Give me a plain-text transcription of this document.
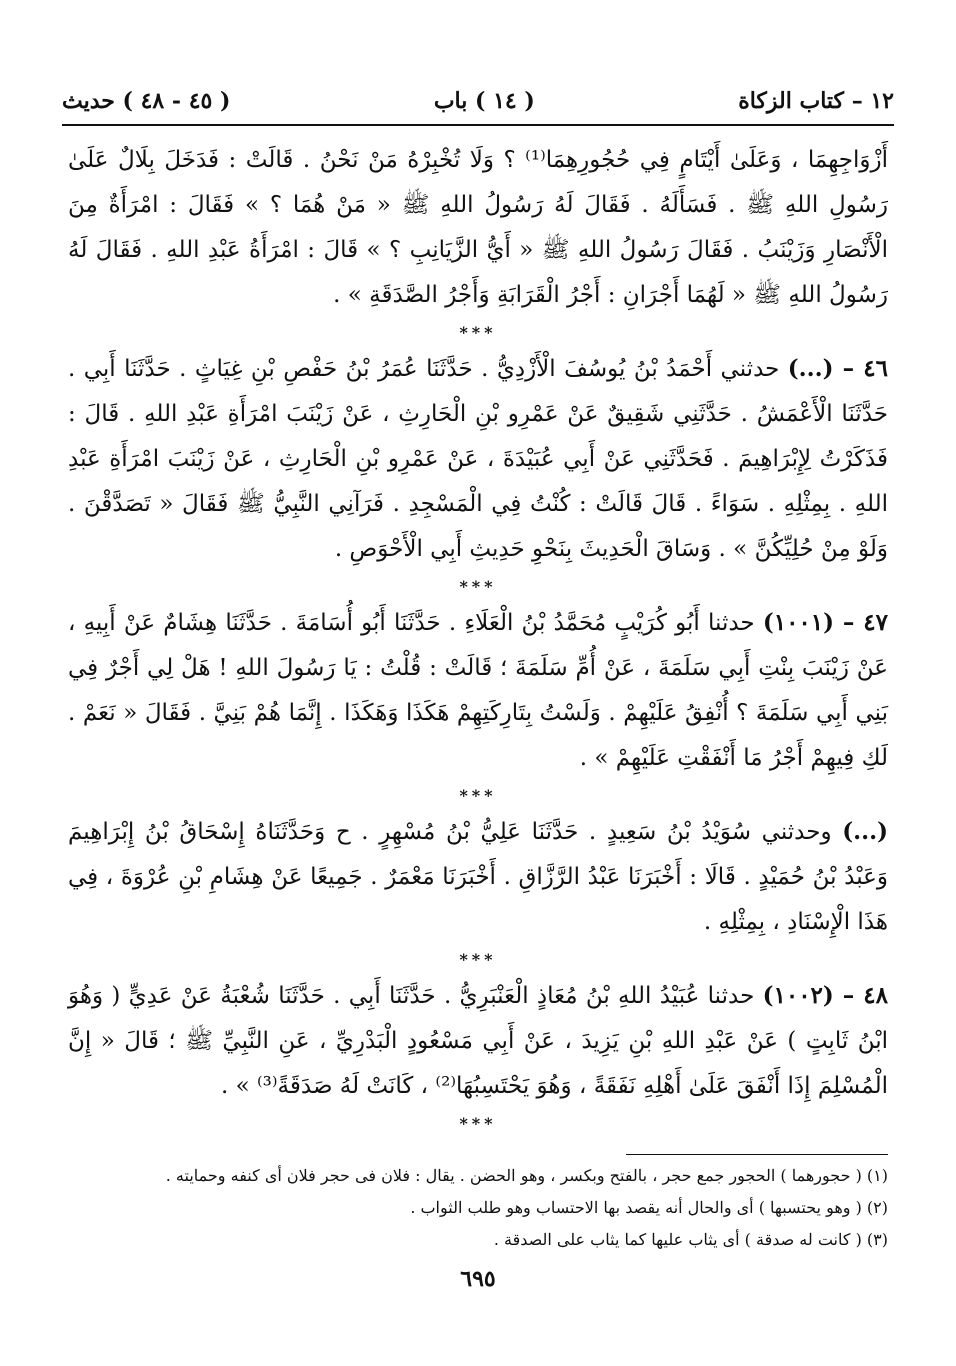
١٢ – كتاب الزكاة
( ١٤ ) باب
( ٤٥ - ٤٨ ) حديث

أَزْوَاجِهِمَا ، وَعَلَىٰ أَيْتَامٍ فِي حُجُورِهِمَا⁽¹⁾ ؟ وَلَا تُخْبِرْهُ مَنْ نَحْنُ . قَالَتْ : فَدَخَلَ بِلَالٌ عَلَىٰ رَسُولِ اللهِ ﷺ . فَسَأَلَهُ . فَقَالَ لَهُ رَسُولُ اللهِ ﷺ « مَنْ هُمَا ؟ » فَقَالَ : امْرَأَةٌ مِنَ الْأَنْصَارِ وَزَيْنَبُ . فَقَالَ رَسُولُ اللهِ ﷺ « أَيُّ الزَّيَانِبِ ؟ » قَالَ : امْرَأَةُ عَبْدِ اللهِ . فَقَالَ لَهُ رَسُولُ اللهِ ﷺ « لَهُمَا أَجْرَانِ : أَجْرُ الْقَرَابَةِ وَأَجْرُ الصَّدَقَةِ » .

***

٤٦ – (...) حدثني أَحْمَدُ بْنُ يُوسُفَ الْأَزْدِيُّ . حَدَّثَنَا عُمَرُ بْنُ حَفْصِ بْنِ غِيَاثٍ . حَدَّثَنَا أَبِي . حَدَّثَنَا الْأَعْمَشُ . حَدَّثَنِي شَقِيقٌ عَنْ عَمْرِو بْنِ الْحَارِثِ ، عَنْ زَيْنَبَ امْرَأَةِ عَبْدِ اللهِ . قَالَ : فَذَكَرْتُ لِإِبْرَاهِيمَ . فَحَدَّثَنِي عَنْ أَبِي عُبَيْدَةَ ، عَنْ عَمْرِو بْنِ الْحَارِثِ ، عَنْ زَيْنَبَ امْرَأَةِ عَبْدِ اللهِ . بِمِثْلِهِ . سَوَاءً . قَالَ قَالَتْ : كُنْتُ فِي الْمَسْجِدِ . فَرَآنِي النَّبِيُّ ﷺ فَقَالَ « تَصَدَّقْنَ . وَلَوْ مِنْ حُلِيِّكُنَّ » . وَسَاقَ الْحَدِيثَ بِنَحْوِ حَدِيثِ أَبِي الْأَحْوَصِ .

***

٤٧ – (١٠٠١) حدثنا أَبُو كُرَيْبٍ مُحَمَّدُ بْنُ الْعَلَاءِ . حَدَّثَنَا أَبُو أُسَامَةَ . حَدَّثَنَا هِشَامٌ عَنْ أَبِيهِ ، عَنْ زَيْنَبَ بِنْتِ أَبِي سَلَمَةَ ، عَنْ أُمِّ سَلَمَةَ ؛ قَالَتْ : قُلْتُ : يَا رَسُولَ اللهِ ! هَلْ لِي أَجْرٌ فِي بَنِي أَبِي سَلَمَةَ ؟ أُنْفِقُ عَلَيْهِمْ . وَلَسْتُ بِتَارِكَتِهِمْ هَكَذَا وَهَكَذَا . إِنَّمَا هُمْ بَنِيَّ . فَقَالَ « نَعَمْ . لَكِ فِيهِمْ أَجْرُ مَا أَنْفَقْتِ عَلَيْهِمْ » .

***

(...) وحدثني سُوَيْدُ بْنُ سَعِيدٍ . حَدَّثَنَا عَلِيُّ بْنُ مُسْهِرٍ . ح وَحَدَّثَنَاهُ إِسْحَاقُ بْنُ إِبْرَاهِيمَ وَعَبْدُ بْنُ حُمَيْدٍ . قَالَا : أَخْبَرَنَا عَبْدُ الرَّزَّاقِ . أَخْبَرَنَا مَعْمَرٌ . جَمِيعًا عَنْ هِشَامِ بْنِ عُرْوَةَ ، فِي هَذَا الْإِسْنَادِ ، بِمِثْلِهِ .

***

٤٨ – (١٠٠٢) حدثنا عُبَيْدُ اللهِ بْنُ مُعَاذٍ الْعَنْبَرِيُّ . حَدَّثَنَا أَبِي . حَدَّثَنَا شُعْبَةُ عَنْ عَدِيٍّ ( وَهُوَ ابْنُ ثَابِتٍ ) عَنْ عَبْدِ اللهِ بْنِ يَزِيدَ ، عَنْ أَبِي مَسْعُودٍ الْبَدْرِيِّ ، عَنِ النَّبِيِّ ﷺ ؛ قَالَ « إِنَّ الْمُسْلِمَ إِذَا أَنْفَقَ عَلَىٰ أَهْلِهِ نَفَقَةً ، وَهُوَ يَحْتَسِبُهَا⁽²⁾ ، كَانَتْ لَهُ صَدَقَةً⁽³⁾ » .

***

(١) ( حجورهما ) الحجور جمع حجر ، بالفتح وبكسر ، وهو الحضن . يقال : فلان فى حجر فلان أى كنفه وحمايته .

(٢) ( وهو يحتسبها ) أى والحال أنه يقصد بها الاحتساب وهو طلب الثواب .

(٣) ( كانت له صدقة ) أى يثاب عليها كما يثاب على الصدقة .

٦٩٥
